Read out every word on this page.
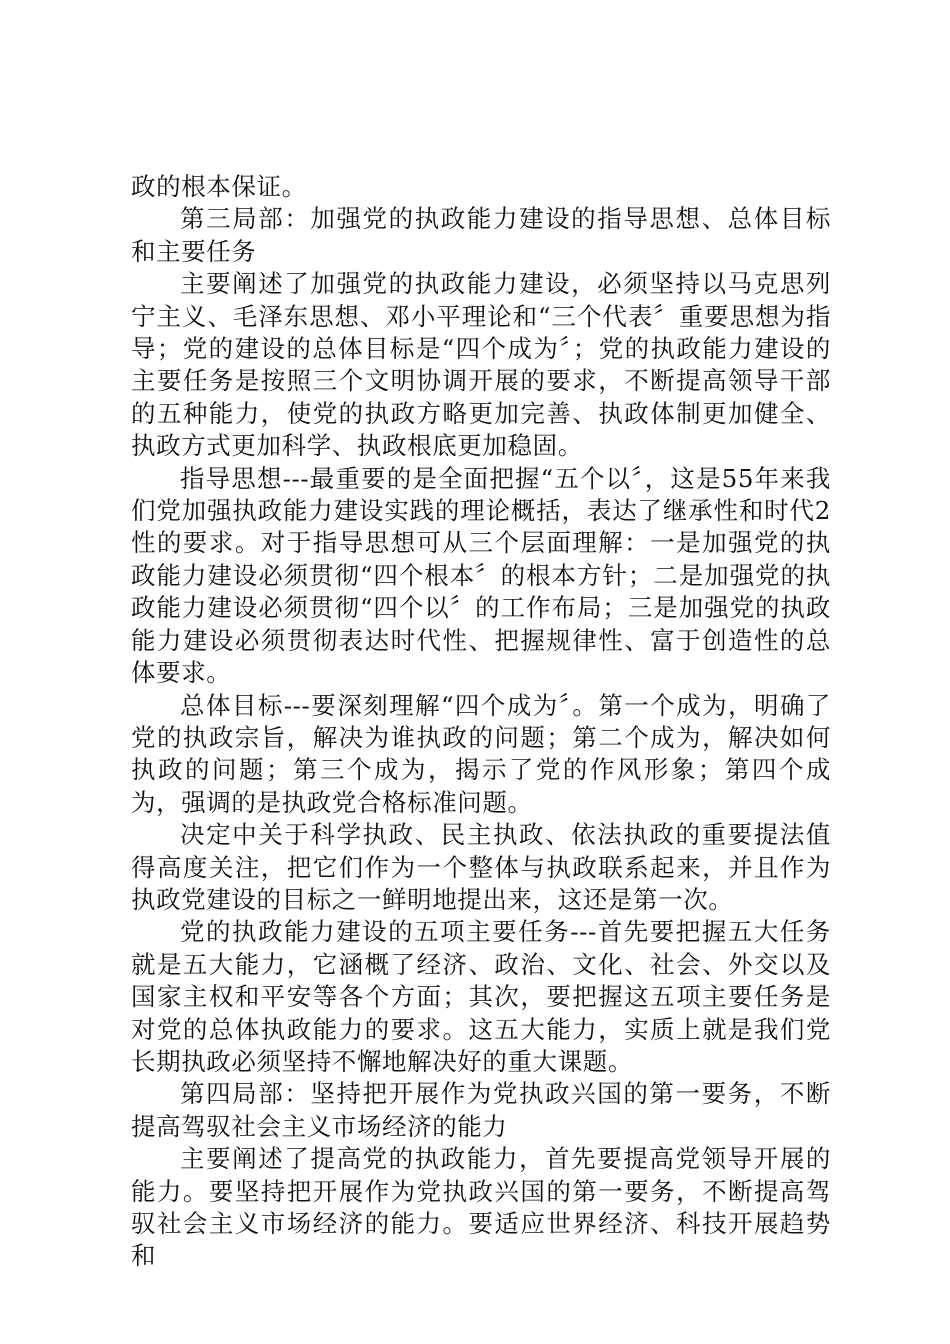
政的根本保证。

第三局部：加强党的执政能力建设的指导思想、总体目标和主要任务

主要阐述了加强党的执政能力建设，必须坚持以马克思列宁主义、毛泽东思想、邓小平理论和“三个代表〞重要思想为指导；党的建设的总体目标是“四个成为〞；党的执政能力建设的主要任务是按照三个文明协调开展的要求，不断提高领导干部的五种能力，使党的执政方略更加完善、执政体制更加健全、执政方式更加科学、执政根底更加稳固。

指导思想---最重要的是全面把握“五个以〞，这是55年来我们党加强执政能力建设实践的理论概括，表达了继承性和时代2性的要求。对于指导思想可从三个层面理解：一是加强党的执政能力建设必须贯彻“四个根本〞的根本方针；二是加强党的执政能力建设必须贯彻“四个以〞的工作布局；三是加强党的执政能力建设必须贯彻表达时代性、把握规律性、富于创造性的总体要求。

总体目标---要深刻理解“四个成为〞。第一个成为，明确了党的执政宗旨，解决为谁执政的问题；第二个成为，解决如何执政的问题；第三个成为，揭示了党的作风形象；第四个成为，强调的是执政党合格标准问题。

决定中关于科学执政、民主执政、依法执政的重要提法值得高度关注，把它们作为一个整体与执政联系起来，并且作为执政党建设的目标之一鲜明地提出来，这还是第一次。

党的执政能力建设的五项主要任务---首先要把握五大任务就是五大能力，它涵概了经济、政治、文化、社会、外交以及国家主权和平安等各个方面；其次，要把握这五项主要任务是对党的总体执政能力的要求。这五大能力，实质上就是我们党长期执政必须坚持不懈地解决好的重大课题。

第四局部：坚持把开展作为党执政兴国的第一要务，不断提高驾驭社会主义市场经济的能力

主要阐述了提高党的执政能力，首先要提高党领导开展的能力。要坚持把开展作为党执政兴国的第一要务，不断提高驾驭社会主义市场经济的能力。要适应世界经济、科技开展趋势和
